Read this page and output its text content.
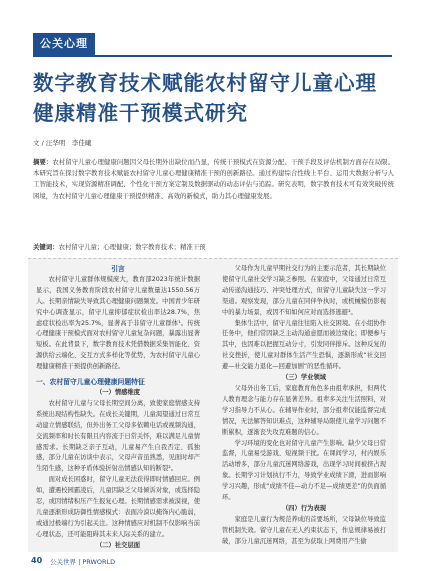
公关心理
数字教育技术赋能农村留守儿童心理
健康精准干预模式研究
文 / 汪华明　李佳曦

摘要：农村留守儿童心理健康问题因父母长期外出缺位而凸显，传统干预模式在资源分配、干预手段及评估机制方面存在局限。本研究旨在探讨数字教育技术赋能农村留守儿童心理健康精准干预的创新路径。通过构建综合性线上平台、运用大数据分析与人工智能技术，实现资源精准调配、个性化干预方案定制及数据驱动的动态评估与追踪。研究表明，数字教育技术可有效突破传统困境，为农村留守儿童心理健康干预提供精准、高效的新模式，助力其心理健康发展。

关键词：农村留守儿童；心理健康；数字教育技术；精准干预

引言

农村留守儿童群体规模庞大，教育部2023年统计数据显示，我国义务教育阶段农村留守儿童数量达1550.56万人。长期亲情缺失导致其心理健康问题频发。中国青少年研究中心调查显示，留守儿童抑郁症状检出率达28.7%，焦虑症状检出率为25.7%，显著高于非留守儿童群体¹。传统心理健康干预模式面对农村留守儿童复杂问题，暴露出显著短板。在此背景下，数字教育技术凭借数据采集智能化、资源供给云端化、交互方式多样化等优势，为农村留守儿童心理健康精准干预提供创新路径。

一、农村留守儿童心理健康问题特征

（一）情感维度

农村留守儿童与父母长期空间分离，致使家庭情感支持系统出现结构性缺失。在成长关键期，儿童渴望通过日常互动建立情感联结，但外出务工父母多依赖电话或视频沟通，交流频率和时长有限且内容流于日常关怀，难以满足儿童情感需求。长期缺乏亲子互动，儿童易产生自我否定、孤独感，部分儿童在访谈中表示，父母声音虽熟悉，见面时却产生陌生感，这种矛盾体验折射出情感认知的断裂²。

面对成长困惑时，留守儿童无法获得即时情感回应。例如，遭遇校园霸凌后，儿童因缺乏父母倾诉对象，或选择隐忍，或因情绪积压产生报复心理。长期情感需求被漠视，使儿童逐渐形成防御性情感模式：表面冷漠以掩饰内心脆弱，或通过极端行为引起关注。这种情感应对机制不仅影响当前心理状态，还可能阻碍其未来人际关系的建立。

（二）社交层面

父母作为儿童早期社交行为的主要示范者，其长期缺位使留守儿童社交学习缺乏参照。在家庭中，父母通过日常互动传递沟通技巧、冲突处理方式，但留守儿童缺失这一学习渠道。观察发现，部分儿童在同伴争执时，或机械模仿影视中的暴力场景，或因不知如何应对而选择逃避³。

集体生活中，留守儿童往往陷入社交困境。在小组协作任务中，他们常因缺乏主动沟通意愿而被边缘化；即便参与其中，也因难以把握互动分寸，引发同伴排斥。这种反复的社交挫折，使儿童对群体生活产生恐惧，逐渐形成“社交回避—社交能力退化—回避加剧”的恶性循环。

（三）学业领域

父母外出务工后，家庭教育角色多由祖辈承担，但两代人教育理念与能力存在显著差异。祖辈多关注生活照料，对学习指导力不从心。在辅导作业时，部分祖辈仅能监督完成情况，无法解答知识难点，这种辅导局限使儿童学习问题不断累积，逐渐丧失攻克难题的信心。

学习环境的变化也对留守儿童产生影响。缺少父母日常监督，儿童易受游戏、短视频干扰。在课间学习，村内娱乐活动增多，部分儿童沉迷网络游戏，出现学习时间被挤占现象。长期学习计划执行不力，导致学业成绩下滑，进而影响学习兴趣，形成“成绩不佳—动力不足—成绩更差”的负面循环。

（四）行为表现

家庭是儿童行为规范养成的首要场所，父母缺位导致监管机制失效。留守儿童在无人约束状态下，作息规律易被打破，部分儿童沉迷网络，甚至为获取上网费用产生偷

40 公关世界 | PRWORLD
